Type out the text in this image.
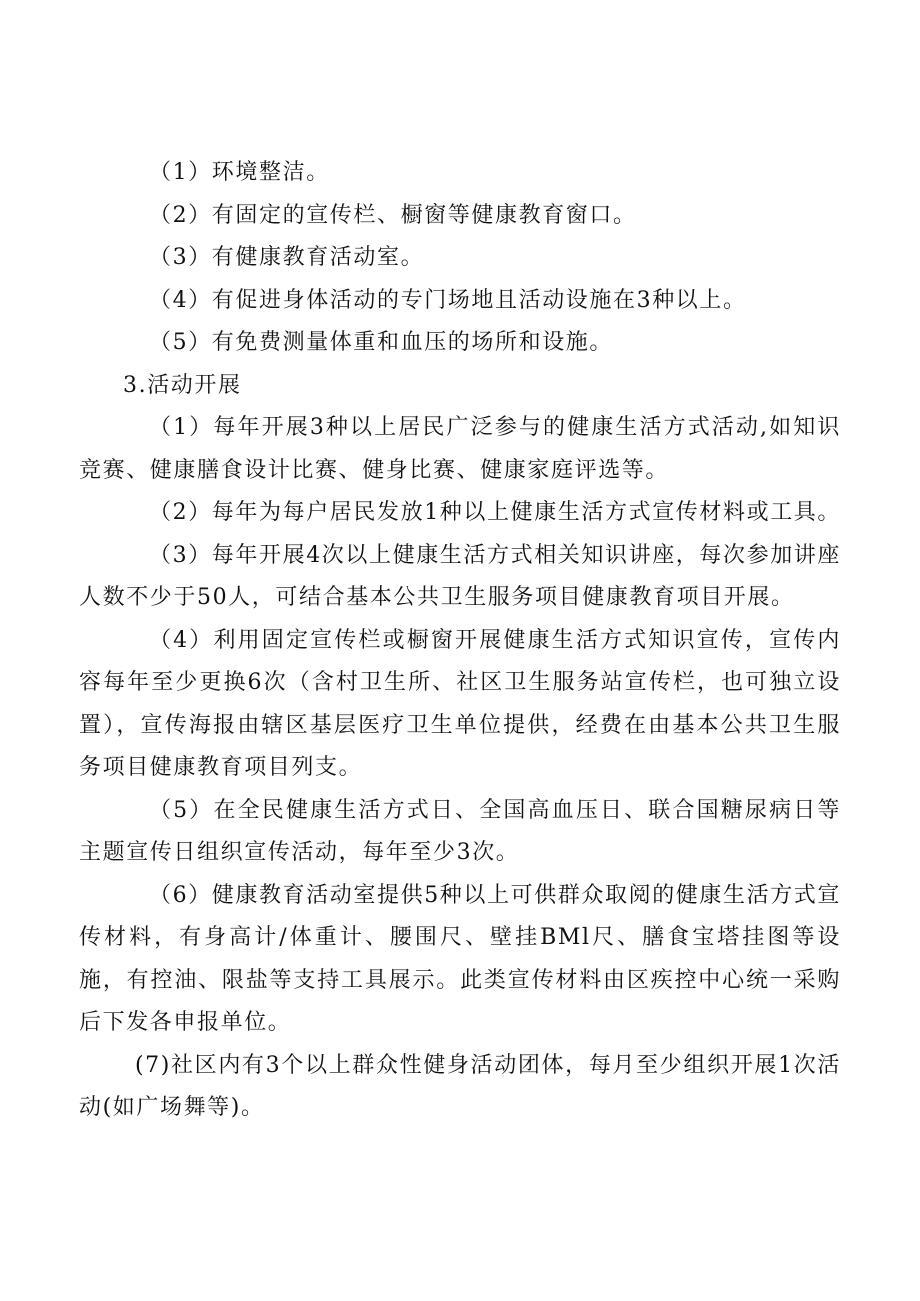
（1）环境整洁。

（2）有固定的宣传栏、橱窗等健康教育窗口。

（3）有健康教育活动室。

（4）有促进身体活动的专门场地且活动设施在3种以上。

（5）有免费测量体重和血压的场所和设施。

3.活动开展

（1）每年开展3种以上居民广泛参与的健康生活方式活动,如知识竞赛、健康膳食设计比赛、健身比赛、健康家庭评选等。

（2）每年为每户居民发放1种以上健康生活方式宣传材料或工具。

（3）每年开展4次以上健康生活方式相关知识讲座，每次参加讲座人数不少于50人，可结合基本公共卫生服务项目健康教育项目开展。

（4）利用固定宣传栏或橱窗开展健康生活方式知识宣传，宣传内容每年至少更换6次（含村卫生所、社区卫生服务站宣传栏，也可独立设置），宣传海报由辖区基层医疗卫生单位提供，经费在由基本公共卫生服务项目健康教育项目列支。

（5）在全民健康生活方式日、全国高血压日、联合国糖尿病日等主题宣传日组织宣传活动，每年至少3次。

（6）健康教育活动室提供5种以上可供群众取阅的健康生活方式宣传材料，有身高计/体重计、腰围尺、壁挂BMl尺、膳食宝塔挂图等设施，有控油、限盐等支持工具展示。此类宣传材料由区疾控中心统一采购后下发各申报单位。

(7)社区内有3个以上群众性健身活动团体，每月至少组织开展1次活动(如广场舞等)。
